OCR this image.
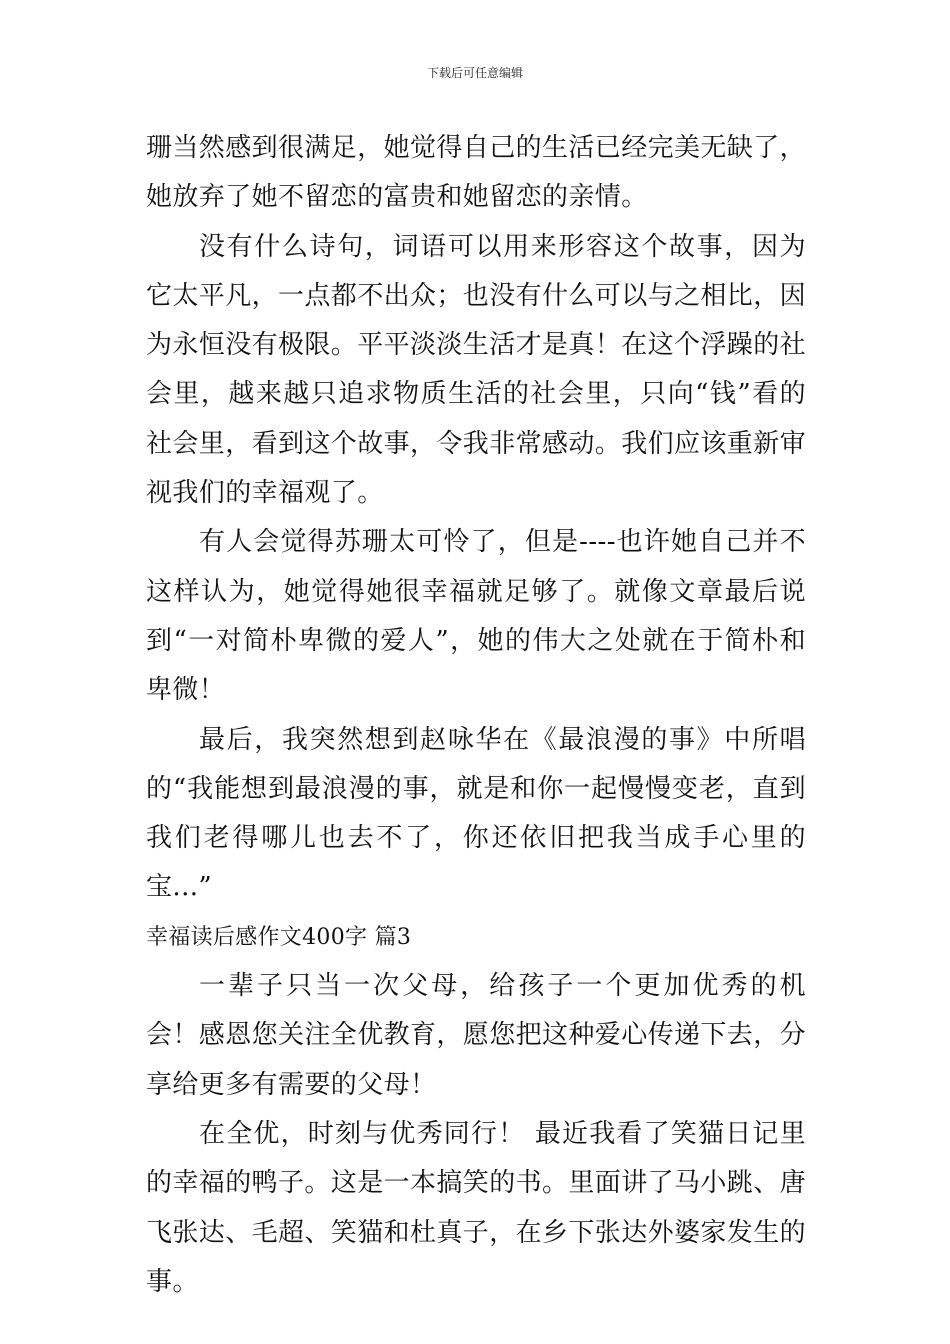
下载后可任意编辑

珊当然感到很满足，她觉得自己的生活已经完美无缺了，她放弃了她不留恋的富贵和她留恋的亲情。

没有什么诗句，词语可以用来形容这个故事，因为它太平凡，一点都不出众；也没有什么可以与之相比，因为永恒没有极限。平平淡淡生活才是真！在这个浮躁的社会里，越来越只追求物质生活的社会里，只向“钱”看的社会里，看到这个故事，令我非常感动。我们应该重新审视我们的幸福观了。

有人会觉得苏珊太可怜了，但是----也许她自己并不这样认为，她觉得她很幸福就足够了。就像文章最后说到“一对简朴卑微的爱人”，她的伟大之处就在于简朴和卑微！

最后，我突然想到赵咏华在《最浪漫的事》中所唱的“我能想到最浪漫的事，就是和你一起慢慢变老，直到我们老得哪儿也去不了，你还依旧把我当成手心里的宝...”

幸福读后感作文400字 篇3

一辈子只当一次父母，给孩子一个更加优秀的机会！感恩您关注全优教育，愿您把这种爱心传递下去，分享给更多有需要的父母！

在全优，时刻与优秀同行！ 最近我看了笑猫日记里的幸福的鸭子。这是一本搞笑的书。里面讲了马小跳、唐飞张达、毛超、笑猫和杜真子，在乡下张达外婆家发生的事。
